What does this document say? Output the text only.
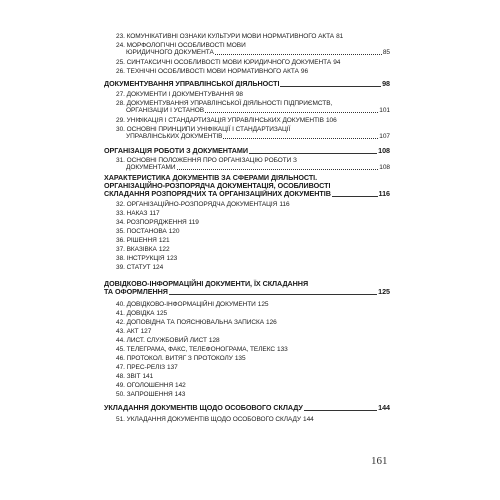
23. КОМУНІКАТИВНІ ОЗНАКИ КУЛЬТУРИ МОВИ НОРМАТИВНОГО АКТА 81
24. МОРФОЛОГІЧНІ ОСОБЛИВОСТІ МОВИ
ЮРИДИЧНОГО ДОКУМЕНТА	85
25. СИНТАКСИЧНІ ОСОБЛИВОСТІ МОВИ ЮРИДИЧНОГО ДОКУМЕНТА 94
26. ТЕХНІЧНІ ОСОБЛИВОСТІ МОВИ НОРМАТИВНОГО АКТА 96
ДОКУМЕНТУВАННЯ УПРАВЛІНСЬКОЇ ДІЯЛЬНОСТІ	98
27. ДОКУМЕНТИ І ДОКУМЕНТУВАННЯ 98
28. ДОКУМЕНТУВАННЯ УПРАВЛІНСЬКОЇ ДІЯЛЬНОСТІ ПІДПРИЄМСТВ,
ОРГАНІЗАЦІЙ І УСТАНОВ	101
29. УНІФІКАЦІЯ І СТАНДАРТИЗАЦІЯ УПРАВЛІНСЬКИХ ДОКУМЕНТІВ 106
30. ОСНОВНІ ПРИНЦИПИ УНІФІКАЦІЇ І СТАНДАРТИЗАЦІЇ
УПРАВЛІНСЬКИХ ДОКУМЕНТІВ	107
ОРГАНІЗАЦІЯ РОБОТИ З ДОКУМЕНТАМИ	108
31. ОСНОВНІ ПОЛОЖЕННЯ ПРО ОРГАНІЗАЦІЮ РОБОТИ З
ДОКУМЕНТАМИ	108
ХАРАКТЕРИСТИКА ДОКУМЕНТІВ ЗА СФЕРАМИ ДІЯЛЬНОСТІ.
ОРГАНІЗАЦІЙНО-РОЗПОРЯДЧА ДОКУМЕНТАЦІЯ, ОСОБЛИВОСТІ
СКЛАДАННЯ РОЗПОРЯДЧИХ ТА ОРГАНІЗАЦІЙНИХ ДОКУМЕНТІВ	116
32. ОРГАНІЗАЦІЙНО-РОЗПОРЯДЧА ДОКУМЕНТАЦІЯ 116
33. НАКАЗ 117
34. РОЗПОРЯДЖЕННЯ 119
35. ПОСТАНОВА 120
36. РІШЕННЯ 121
37. ВКАЗІВКА 122
38. ІНСТРУКЦІЯ 123
39. СТАТУТ 124
ДОВІДКОВО-ІНФОРМАЦІЙНІ ДОКУМЕНТИ, ЇХ СКЛАДАННЯ
ТА ОФОРМЛЕННЯ	125
40. ДОВІДКОВО-ІНФОРМАЦІЙНІ ДОКУМЕНТИ 125
41. ДОВІДКА 125
42. ДОПОВІДНА ТА ПОЯСНЮВАЛЬНА ЗАПИСКА 126
43. АКТ 127
44. ЛИСТ. СЛУЖБОВИЙ ЛИСТ 128
45. ТЕЛЕГРАМА, ФАКС, ТЕЛЕФОНОГРАМА, ТЕЛЕКС 133
46. ПРОТОКОЛ. ВИТЯГ З ПРОТОКОЛУ 135
47. ПРЕС-РЕЛІЗ 137
48. ЗВІТ 141
49. ОГОЛОШЕННЯ 142
50. ЗАПРОШЕННЯ 143
УКЛАДАННЯ ДОКУМЕНТІВ ЩОДО ОСОБОВОГО СКЛАДУ	144
51. УКЛАДАННЯ ДОКУМЕНТІВ ЩОДО ОСОБОВОГО СКЛАДУ 144
161
